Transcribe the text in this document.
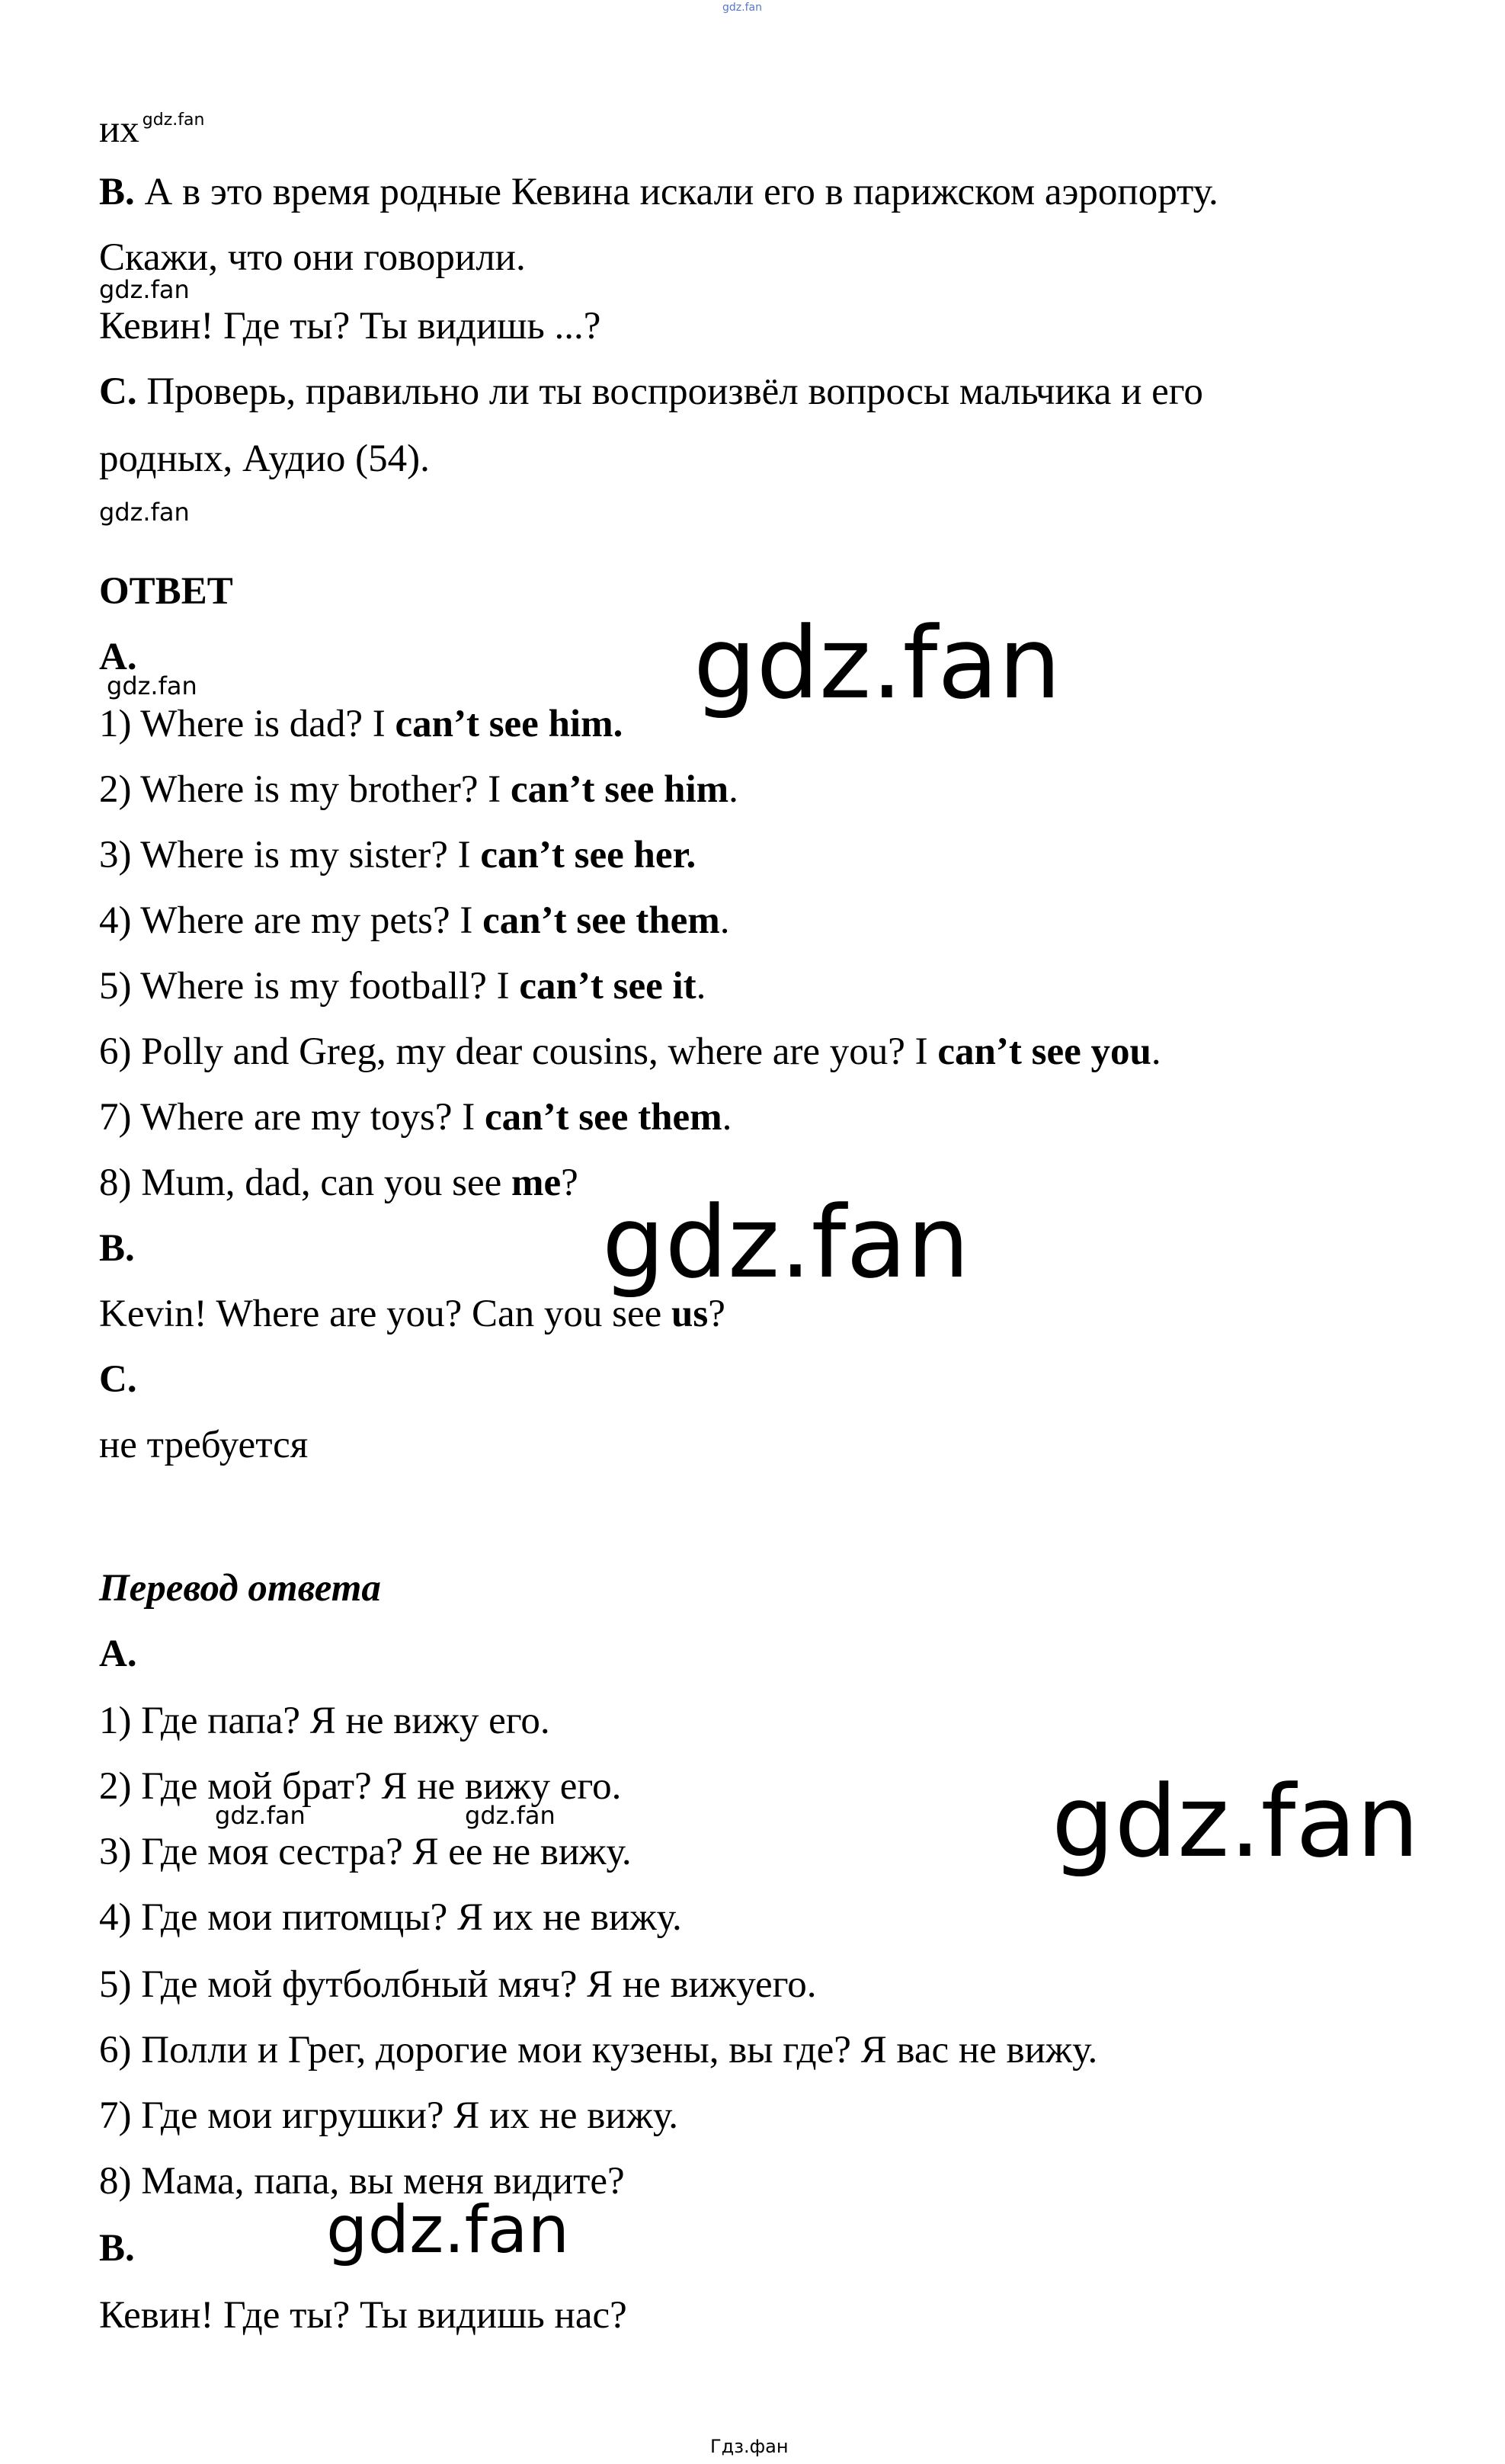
gdz.fan
их $^{gdz.fan}$
B. А в это время родные Кевина искали его в парижском аэропорту.
Скажи, что они говорили.
gdz.fan
Кевин! Где ты? Ты видишь ...?
C. Проверь, правильно ли ты воспроизвёл вопросы мальчика и его
родных, Аудио (54).
gdz.fan
ОТВЕТ
A.
gdz.fan	gdz.fan
1) Where is dad? I can’t see him.
2) Where is my brother? I can’t see him.
3) Where is my sister? I can’t see her.
4) Where are my pets? I can’t see them.
5) Where is my football? I can’t see it.
6) Polly and Greg, my dear cousins, where are you? I can’t see you.
7) Where are my toys? I can’t see them.
8) Mum, dad, can you see me?
B.	gdz.fan
Kevin! Where are you? Can you see us?
C.
не требуется
Перевод ответа
A.
1) Где папа? Я не вижу его.
2) Где мой брат? Я не вижу его.
gdz.fan	gdz.fan
3) Где моя сестра? Я ее не вижу.	gdz.fan
4) Где мои питомцы? Я их не вижу.
5) Где мой футболбный мяч? Я не вижуего.
6) Полли и Грег, дорогие мои кузены, вы где? Я вас не вижу.
7) Где мои игрушки? Я их не вижу.
8) Мама, папа, вы меня видите?
B.	gdz.fan
Кевин! Где ты? Ты видишь нас?
Гдз.фан
